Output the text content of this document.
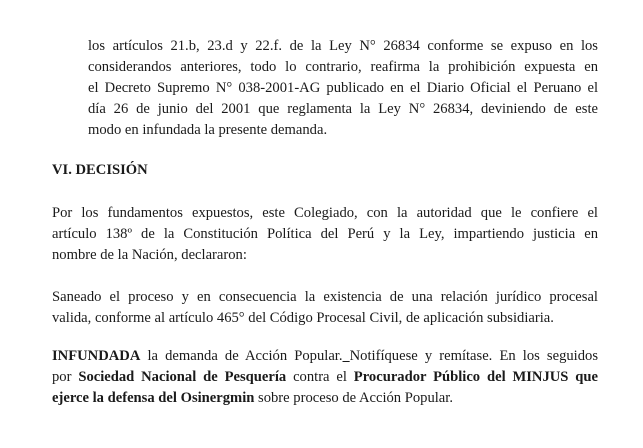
los artículos 21.b, 23.d y 22.f. de la Ley N° 26834 conforme se expuso en los
considerandos anteriores, todo lo contrario, reafirma la prohibición expuesta en
el Decreto Supremo N° 038-2001-AG publicado en el Diario Oficial el Peruano el
día 26 de junio del 2001 que reglamenta la Ley N° 26834, deviniendo de este
modo en infundada la presente demanda.
VI. DECISIÓN
Por los fundamentos expuestos, este Colegiado, con la autoridad que le confiere el
artículo 138º de la Constitución Política del Perú y la Ley, impartiendo justicia en
nombre de la Nación, declararon:
Saneado el proceso y en consecuencia la existencia de una relación jurídico procesal
valida, conforme al artículo 465° del Código Procesal Civil, de aplicación subsidiaria.
INFUNDADA la demanda de Acción Popular. Notifíquese y remítase. En los seguidos
por Sociedad Nacional de Pesquería contra el Procurador Público del MINJUS que
ejerce la defensa del Osinergmin sobre proceso de Acción Popular.
